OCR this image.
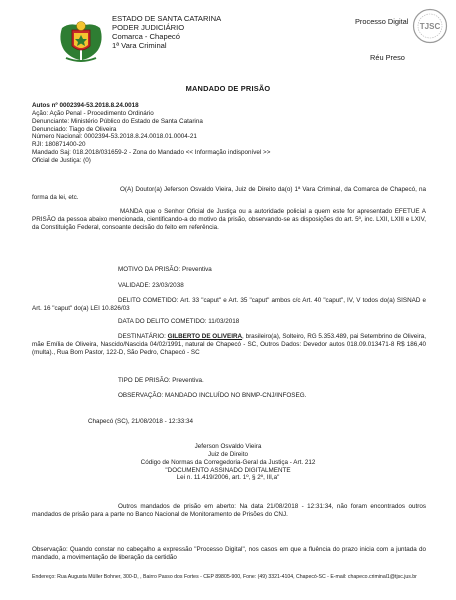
ESTADO DE SANTA CATARINA
PODER JUDICIÁRIO
Comarca - Chapecó
1ª Vara Criminal
Processo Digital
TJSC
Réu Preso
MANDADO DE PRISÃO
Autos nº 0002394-53.2018.8.24.0018
Ação: Ação Penal - Procedimento Ordinário
Denunciante: Ministério Público do Estado de Santa Catarina
Denunciado: Tiago de Oliveira
Número Nacional: 0002394-53.2018.8.24.0018.01.0004-21
RJI: 180871400-20
Mandado Saj: 018.2018/031659-2 - Zona do Mandado << Informação indisponível >>
Oficial de Justiça: (0)
O(A) Doutor(a) Jeferson Osvaldo Vieira, Juiz de Direito da(o) 1ª Vara Criminal, da Comarca de Chapecó, na forma da lei, etc.
MANDA que o Senhor Oficial de Justiça ou a autoridade policial a quem este for apresentado EFETUE A PRISÃO da pessoa abaixo mencionada, cientificando-a do motivo da prisão, observando-se as disposições do art. 5º, inc. LXII, LXIII e LXIV, da Constituição Federal, consoante decisão do feito em referência.
MOTIVO DA PRISÃO: Preventiva
VALIDADE: 23/03/2038
DELITO COMETIDO: Art. 33 "caput" e Art. 35 "caput" ambos c/c Art. 40 "caput", IV, V todos do(a) SISNAD e Art. 16 "caput" do(a) LEI 10.826/03
DATA DO DELITO COMETIDO: 11/03/2018
DESTINATÁRIO: GILBERTO DE OLIVEIRA, brasileiro(a), Solteiro, RG 5.353.489, pai Setembrino de Oliveira, mãe Emília de Oliveira, Nascido/Nascida 04/02/1991, natural de Chapecó - SC, Outros Dados: Devedor autos 018.09.013471-8 R$ 186,40 (multa)., Rua Bom Pastor, 122-D, São Pedro, Chapecó - SC
TIPO DE PRISÃO: Preventiva.
OBSERVAÇÃO: MANDADO INCLUÍDO NO BNMP-CNJ/INFOSEG.
Chapecó (SC), 21/08/2018 - 12:33:34
Jeferson Osvaldo Vieira
Juiz de Direito
Código de Normas da Corregedoria-Geral da Justiça - Art. 212
"DOCUMENTO ASSINADO DIGITALMENTE
Lei n. 11.419/2006, art. 1º, § 2º, III,a"
Outros mandados de prisão em aberto: Na data 21/08/2018 - 12:31:34, não foram encontrados outros mandados de prisão para a parte no Banco Nacional de Monitoramento de Prisões do CNJ.
Observação: Quando constar no cabeçalho a expressão "Processo Digital", nos casos em que a fluência do prazo inicia com a juntada do mandado, a movimentação de liberação da certidão
Endereço: Rua Augusta Müller Bohner, 300-D, , Bairro Passo dos Fortes - CEP 89805-900, Fone: (49) 3321-4104, Chapecó-SC - E-mail: chapeco.criminal1@tjsc.jus.br
